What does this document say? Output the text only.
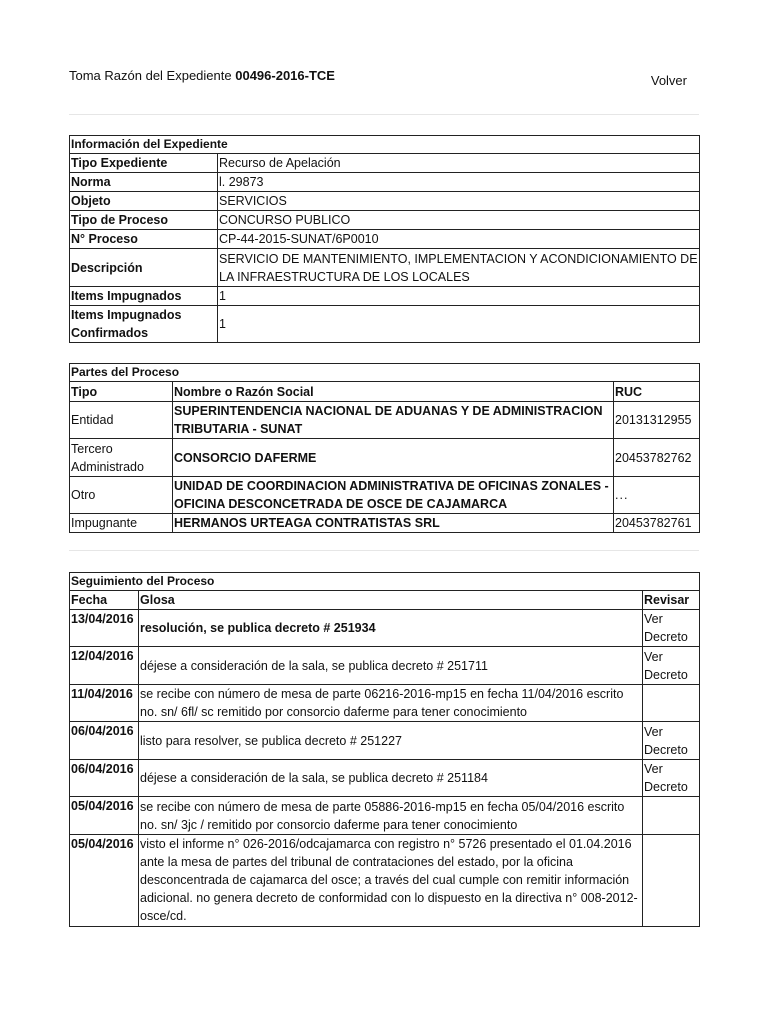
Toma Razón del Expediente 00496-2016-TCE	Volver
Información del Expediente	
Tipo Expediente	Recurso de Apelación
Norma	l. 29873
Objeto	SERVICIOS
Tipo de Proceso	CONCURSO PUBLICO
N° Proceso	CP-44-2015-SUNAT/6P0010
Descripción	SERVICIO DE MANTENIMIENTO, IMPLEMENTACION Y ACONDICIONAMIENTO DE LA INFRAESTRUCTURA DE LOS LOCALES
Items Impugnados	1
Items Impugnados Confirmados	1
Partes del Proceso		
Tipo	Nombre o Razón Social	RUC
Entidad	SUPERINTENDENCIA NACIONAL DE ADUANAS Y DE ADMINISTRACION TRIBUTARIA - SUNAT	20131312955
Tercero Administrado	CONSORCIO DAFERME	20453782762
Otro	UNIDAD DE COORDINACION ADMINISTRATIVA DE OFICINAS ZONALES - OFICINA DESCONCETRADA DE OSCE DE CAJAMARCA	...
Impugnante	HERMANOS URTEAGA CONTRATISTAS SRL	20453782761
Seguimiento del Proceso		
Fecha	Glosa	Revisar
13/04/2016	resolución, se publica decreto # 251934	Ver Decreto

12/04/2016	déjese a consideración de la sala, se publica decreto # 251711	Ver Decreto

11/04/2016	se recibe con número de mesa de parte 06216-2016-mp15 en fecha 11/04/2016 escrito no. sn/ 6fl/ sc remitido por consorcio daferme para tener conocimiento	
06/04/2016	listo para resolver, se publica decreto # 251227	Ver Decreto

06/04/2016	déjese a consideración de la sala, se publica decreto # 251184	Ver Decreto

05/04/2016	se recibe con número de mesa de parte 05886-2016-mp15 en fecha 05/04/2016 escrito no. sn/ 3jc / remitido por consorcio daferme para tener conocimiento	
05/04/2016	visto el informe n° 026-2016/odcajamarca con registro n° 5726 presentado el 01.04.2016 ante la mesa de partes del tribunal de contrataciones del estado, por la oficina desconcentrada de cajamarca del osce; a través del cual cumple con remitir información adicional. no genera decreto de conformidad con lo dispuesto en la directiva n° 008-2012-osce/cd.	
